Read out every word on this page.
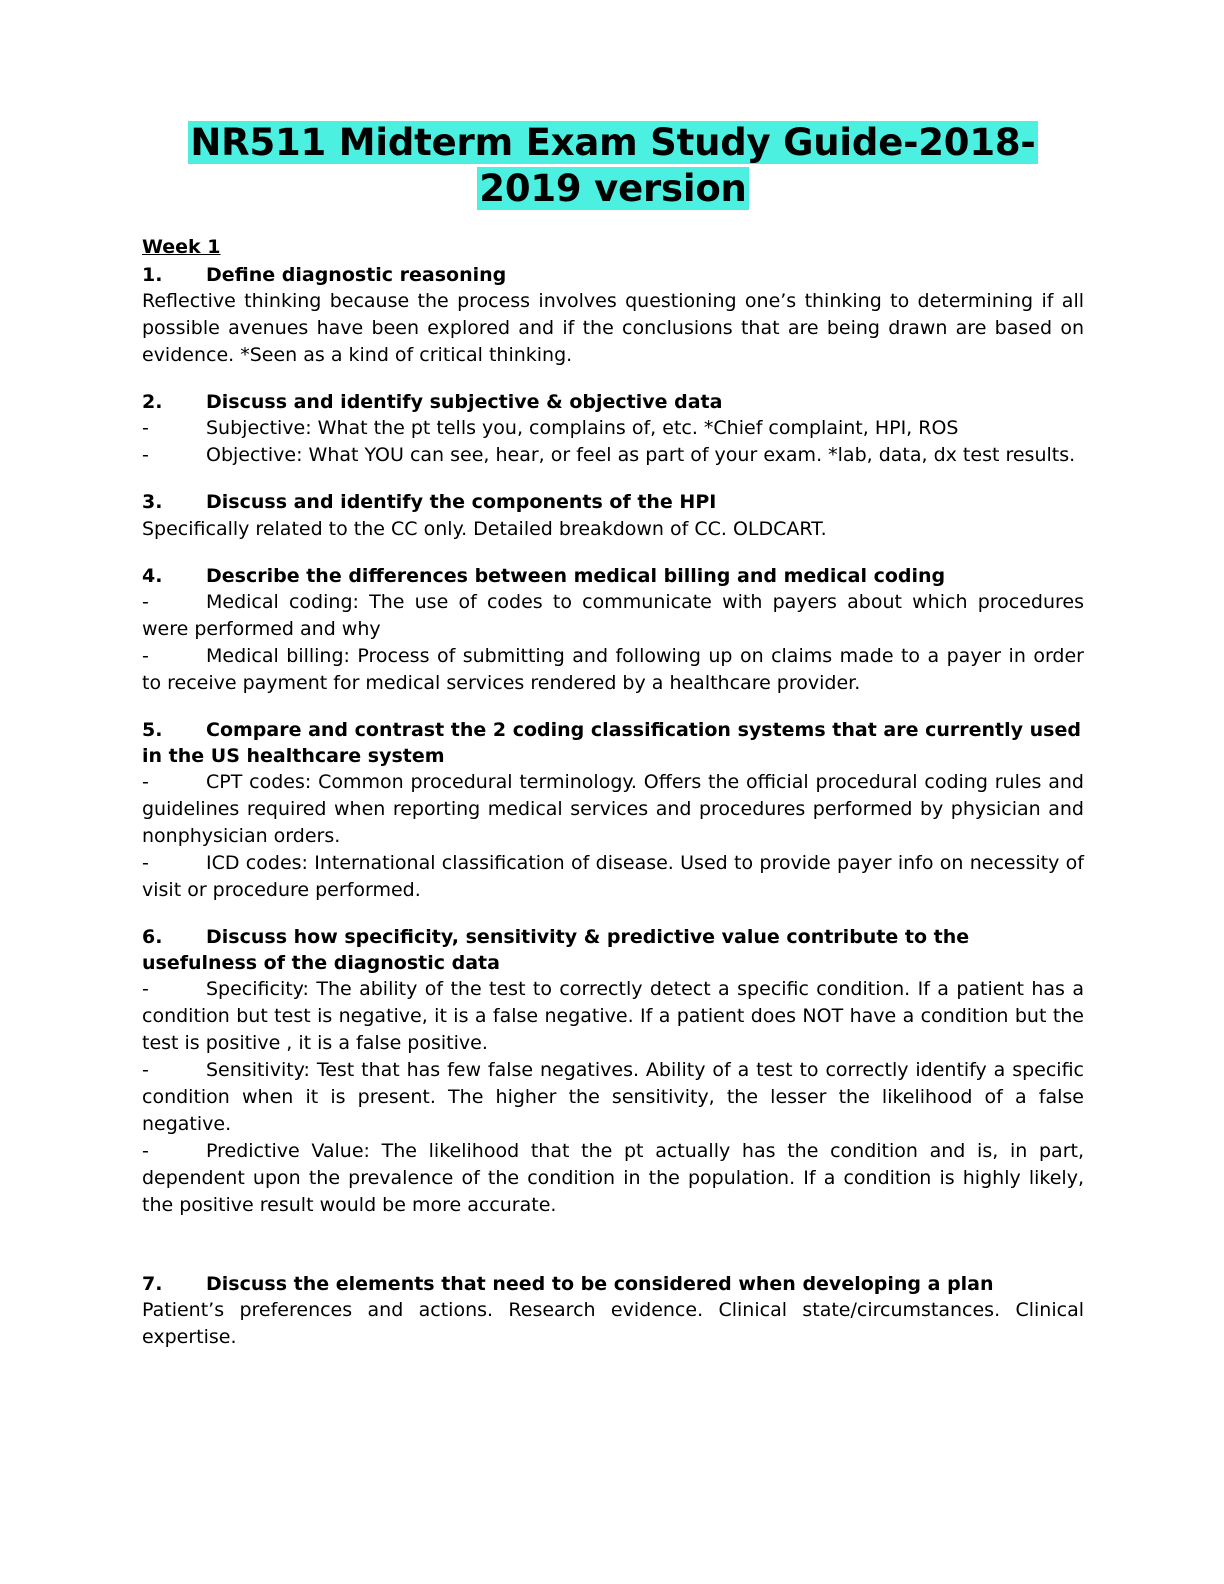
NR511 Midterm Exam Study Guide-2018-
2019 version
Week 1
1. Define diagnostic reasoning

Reflective thinking because the process involves questioning one’s thinking to determining if all possible avenues have been explored and if the conclusions that are being drawn are based on evidence. *Seen as a kind of critical thinking.

2. Discuss and identify subjective & objective data

-	Subjective: What the pt tells you, complains of, etc. *Chief complaint, HPI, ROS

-	Objective: What YOU can see, hear, or feel as part of your exam. *lab, data, dx test results.

3. Discuss and identify the components of the HPI

Specifically related to the CC only. Detailed breakdown of CC. OLDCART.

4. Describe the differences between medical billing and medical coding

-	Medical coding: The use of codes to communicate with payers about which procedures were performed and why

-	Medical billing: Process of submitting and following up on claims made to a payer in order to receive payment for medical services rendered by a healthcare provider.

5. Compare and contrast the 2 coding classification systems that are currently used in the US healthcare system

-	CPT codes: Common procedural terminology. Offers the official procedural coding rules and guidelines required when reporting medical services and procedures performed by physician and nonphysician orders.

-	ICD codes: International classification of disease. Used to provide payer info on necessity of visit or procedure performed.

6. Discuss how specificity, sensitivity & predictive value contribute to the usefulness of the diagnostic data

-	Specificity: The ability of the test to correctly detect a specific condition. If a patient has a condition but test is negative, it is a false negative. If a patient does NOT have a condition but the test is positive , it is a false positive.

-	Sensitivity: Test that has few false negatives. Ability of a test to correctly identify a specific condition when it is present. The higher the sensitivity, the lesser the likelihood of a false negative.

-	Predictive Value: The likelihood that the pt actually has the condition and is, in part, dependent upon the prevalence of the condition in the population. If a condition is highly likely, the positive result would be more accurate.

7. Discuss the elements that need to be considered when developing a plan

Patient’s preferences and actions. Research evidence. Clinical state/circumstances. Clinical expertise.
